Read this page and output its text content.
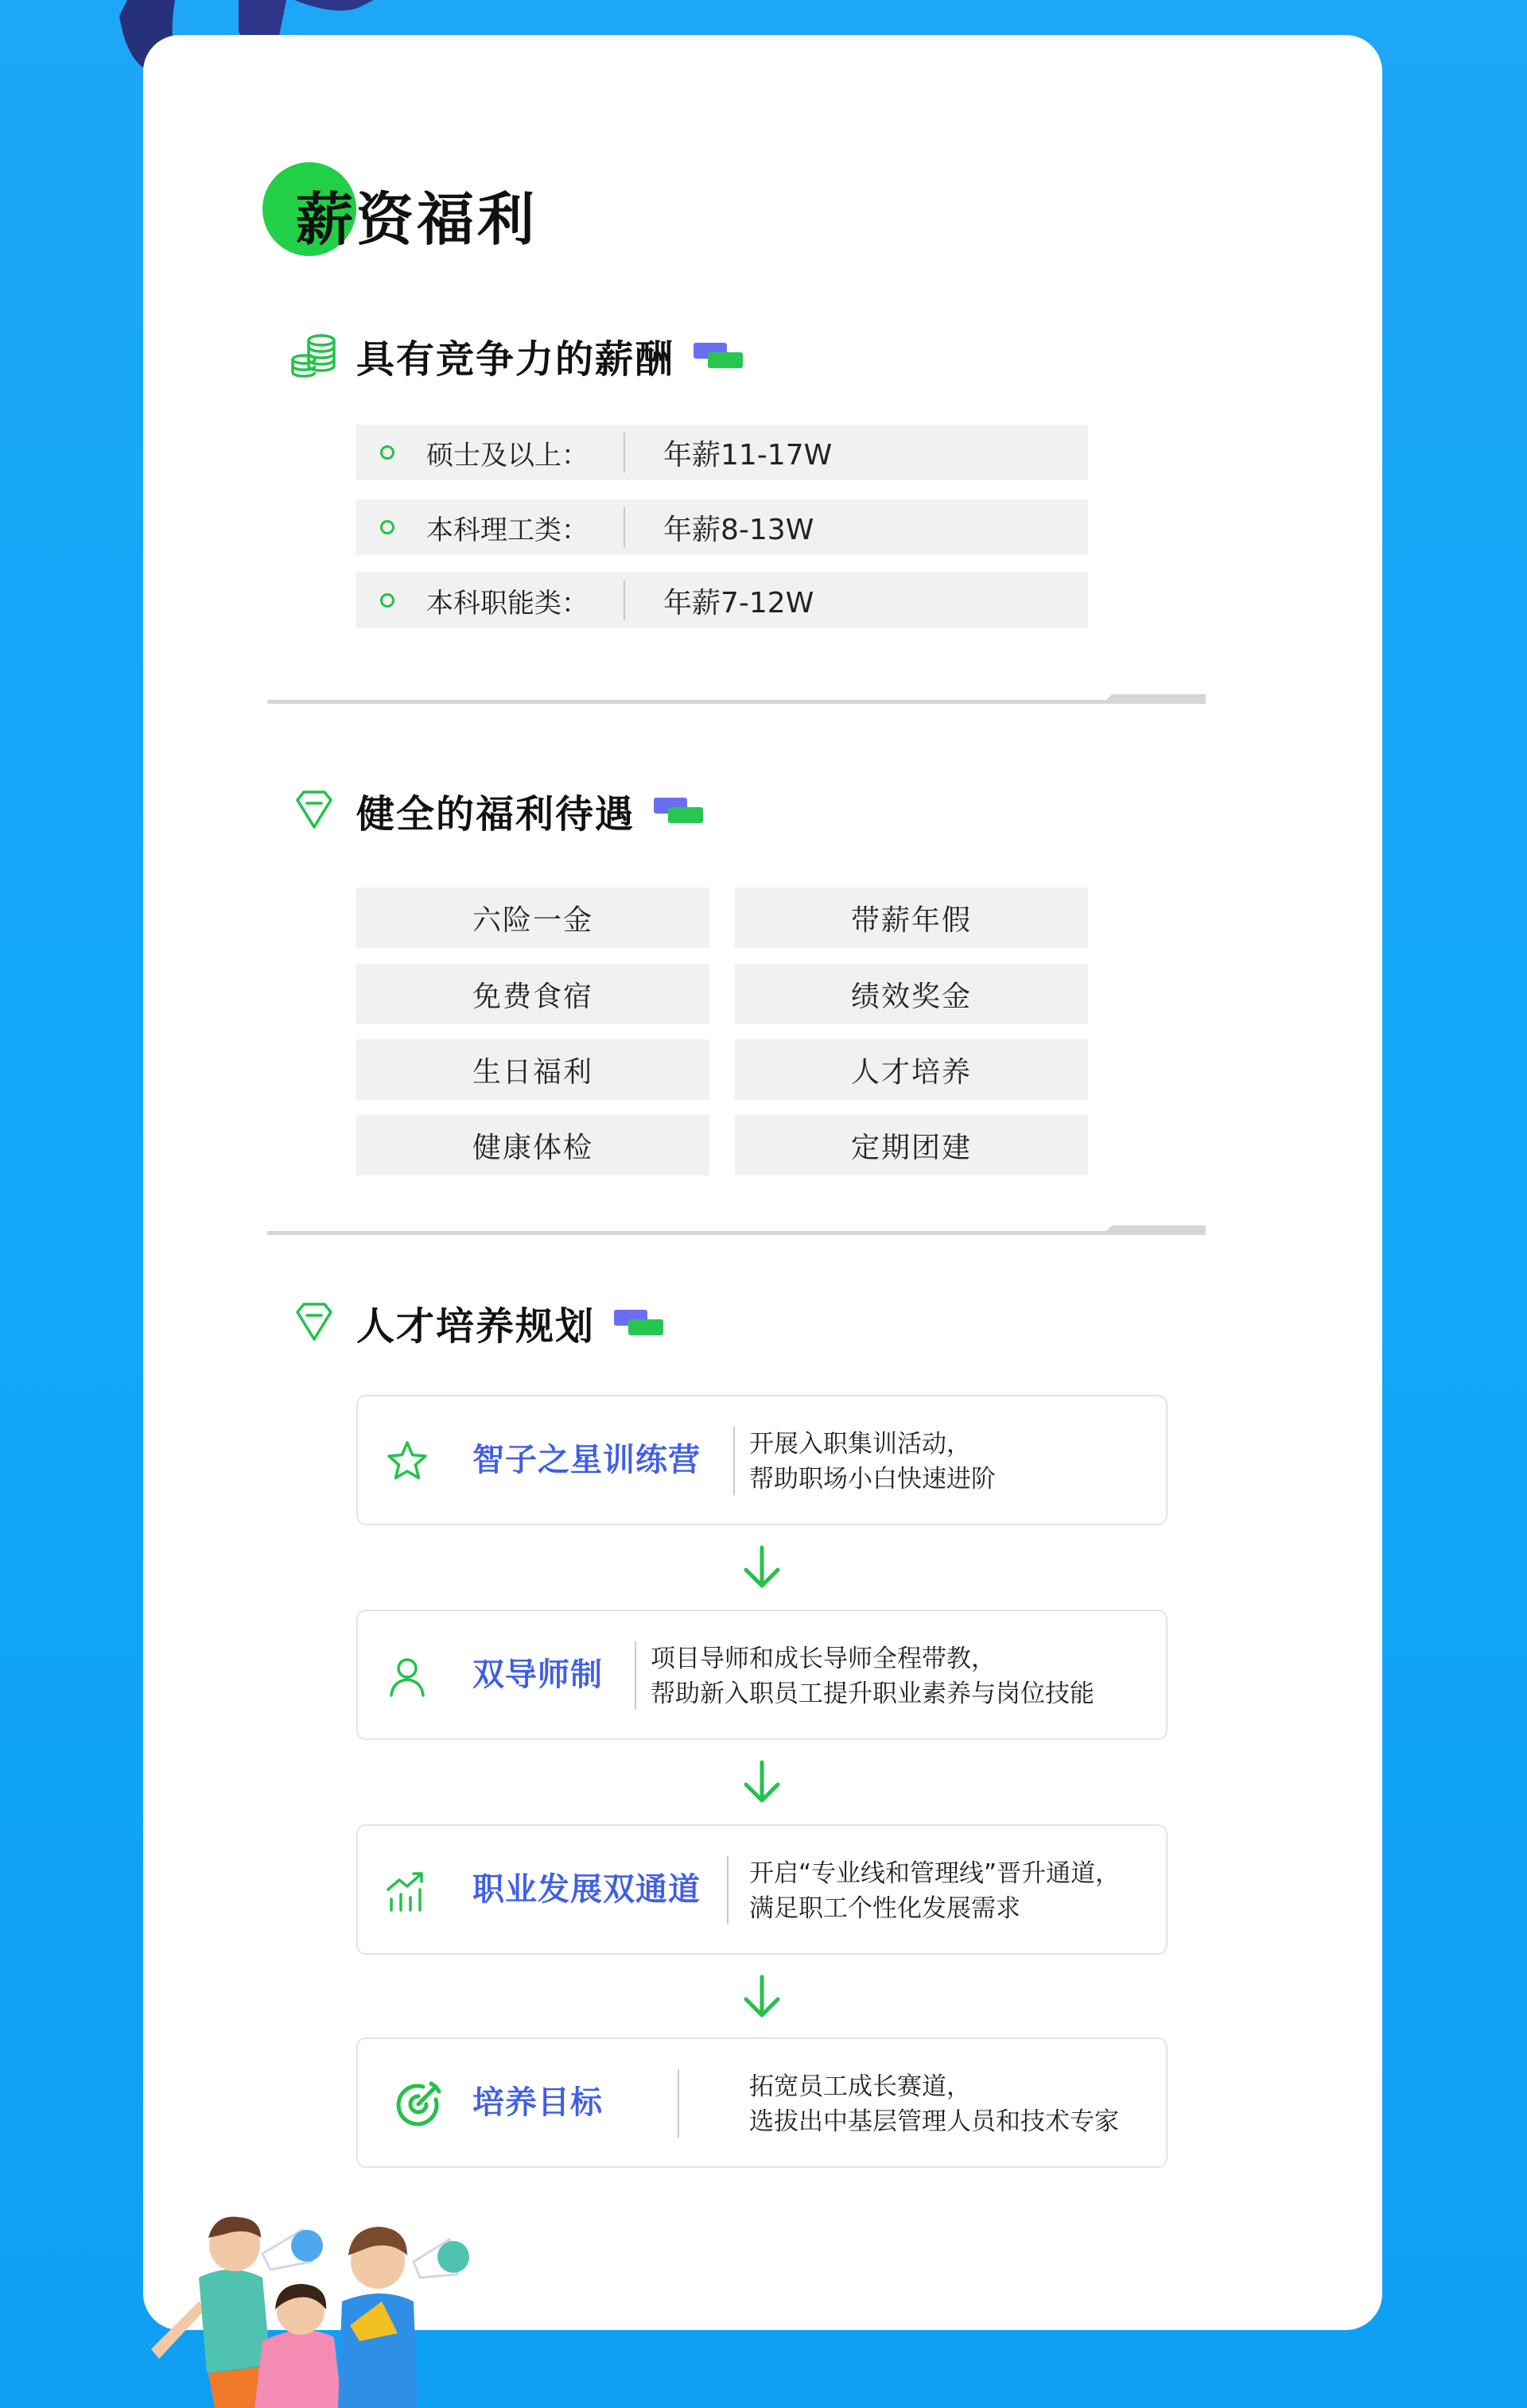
薪资福利
具有竞争力的薪酬
硕士及以上：	年薪11-17W
本科理工类：	年薪8-13W
本科职能类：	年薪7-12W
健全的福利待遇
六险一金	带薪年假
免费食宿	绩效奖金
生日福利	人才培养
健康体检	定期团建
人才培养规划
智子之星训练营 开展入职集训活动，
帮助职场小白快速进阶
双导师制 项目导师和成长导师全程带教，
帮助新入职员工提升职业素养与岗位技能
职业发展双通道 开启“专业线和管理线”晋升通道，
满足职工个性化发展需求
培养目标	拓宽员工成长赛道，
选拔出中基层管理人员和技术专家
